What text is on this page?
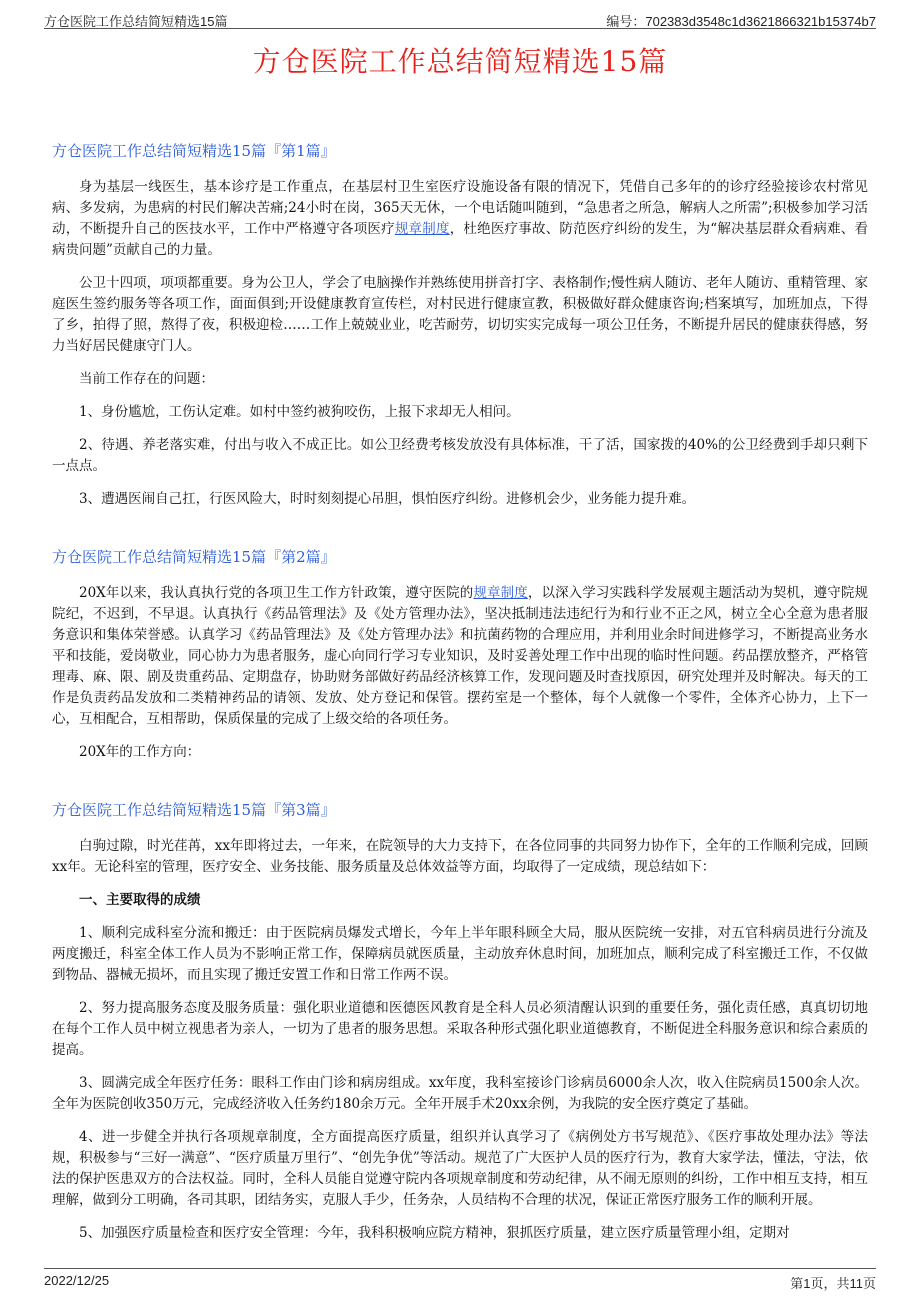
方仓医院工作总结简短精选15篇	编号：702383d3548c1d3621866321b15374b7
方仓医院工作总结简短精选15篇
方仓医院工作总结简短精选15篇『第1篇』

身为基层一线医生，基本诊疗是工作重点，在基层村卫生室医疗设施设备有限的情况下，凭借自己多年的的诊疗经验接诊农村常见病、多发病，为患病的村民们解决苦痛;24小时在岗，365天无休，一个电话随叫随到，“急患者之所急，解病人之所需”;积极参加学习活动，不断提升自己的医技水平，工作中严格遵守各项医疗规章制度，杜绝医疗事故、防范医疗纠纷的发生，为“解决基层群众看病难、看病贵问题”贡献自己的力量。

公卫十四项，项项都重要。身为公卫人，学会了电脑操作并熟练使用拼音打字、表格制作;慢性病人随访、老年人随访、重精管理、家庭医生签约服务等各项工作，面面俱到;开设健康教育宣传栏，对村民进行健康宣教，积极做好群众健康咨询;档案填写，加班加点，下得了乡，拍得了照，熬得了夜，积极迎检……工作上兢兢业业，吃苦耐劳，切切实实完成每一项公卫任务，不断提升居民的健康获得感，努力当好居民健康守门人。

当前工作存在的问题：

1、身份尴尬，工伤认定难。如村中签约被狗咬伤，上报下求却无人相问。

2、待遇、养老落实难，付出与收入不成正比。如公卫经费考核发放没有具体标准，干了活，国家拨的40%的公卫经费到手却只剩下一点点。

3、遭遇医闹自己扛，行医风险大，时时刻刻提心吊胆，惧怕医疗纠纷。进修机会少，业务能力提升难。

方仓医院工作总结简短精选15篇『第2篇』

20X年以来，我认真执行党的各项卫生工作方针政策，遵守医院的规章制度，以深入学习实践科学发展观主题活动为契机，遵守院规院纪，不迟到，不早退。认真执行《药品管理法》及《处方管理办法》，坚决抵制违法违纪行为和行业不正之风，树立全心全意为患者服务意识和集体荣誉感。认真学习《药品管理法》及《处方管理办法》和抗菌药物的合理应用，并利用业余时间进修学习，不断提高业务水平和技能，爱岗敬业，同心协力为患者服务，虚心向同行学习专业知识，及时妥善处理工作中出现的临时性问题。药品摆放整齐，严格管理毒、麻、限、剧及贵重药品、定期盘存，协助财务部做好药品经济核算工作，发现问题及时查找原因，研究处理并及时解决。每天的工作是负责药品发放和二类精神药品的请领、发放、处方登记和保管。摆药室是一个整体，每个人就像一个零件，全体齐心协力，上下一心，互相配合，互相帮助，保质保量的完成了上级交给的各项任务。

20X年的工作方向：

方仓医院工作总结简短精选15篇『第3篇』

白驹过隙，时光荏苒，xx年即将过去，一年来，在院领导的大力支持下，在各位同事的共同努力协作下，全年的工作顺利完成，回顾xx年。无论科室的管理，医疗安全、业务技能、服务质量及总体效益等方面，均取得了一定成绩，现总结如下：

一、主要取得的成绩

1、顺利完成科室分流和搬迁：由于医院病员爆发式增长，今年上半年眼科顾全大局，服从医院统一安排，对五官科病员进行分流及两度搬迁，科室全体工作人员为不影响正常工作，保障病员就医质量，主动放弃休息时间，加班加点，顺利完成了科室搬迁工作，不仅做到物品、器械无损坏，而且实现了搬迁安置工作和日常工作两不误。

2、努力提高服务态度及服务质量：强化职业道德和医德医风教育是全科人员必须清醒认识到的重要任务，强化责任感，真真切切地在每个工作人员中树立视患者为亲人，一切为了患者的服务思想。采取各种形式强化职业道德教育，不断促进全科服务意识和综合素质的提高。

3、圆满完成全年医疗任务：眼科工作由门诊和病房组成。xx年度，我科室接诊门诊病员6000余人次，收入住院病员1500余人次。全年为医院创收350万元，完成经济收入任务约180余万元。全年开展手术20xx余例，为我院的安全医疗奠定了基础。

4、进一步健全并执行各项规章制度，全方面提高医疗质量，组织并认真学习了《病例处方书写规范》、《医疗事故处理办法》等法规，积极参与“三好一满意”、“医疗质量万里行”、“创先争优”等活动。规范了广大医护人员的医疗行为，教育大家学法，懂法，守法，依法的保护医患双方的合法权益。同时，全科人员能自觉遵守院内各项规章制度和劳动纪律，从不闹无原则的纠纷，工作中相互支持，相互理解，做到分工明确，各司其职，团结务实，克服人手少，任务杂，人员结构不合理的状况，保证正常医疗服务工作的顺利开展。

5、加强医疗质量检查和医疗安全管理：今年，我科积极响应院方精神，狠抓医疗质量，建立医疗质量管理小组，定期对

2022/12/25	第1页，共11页
